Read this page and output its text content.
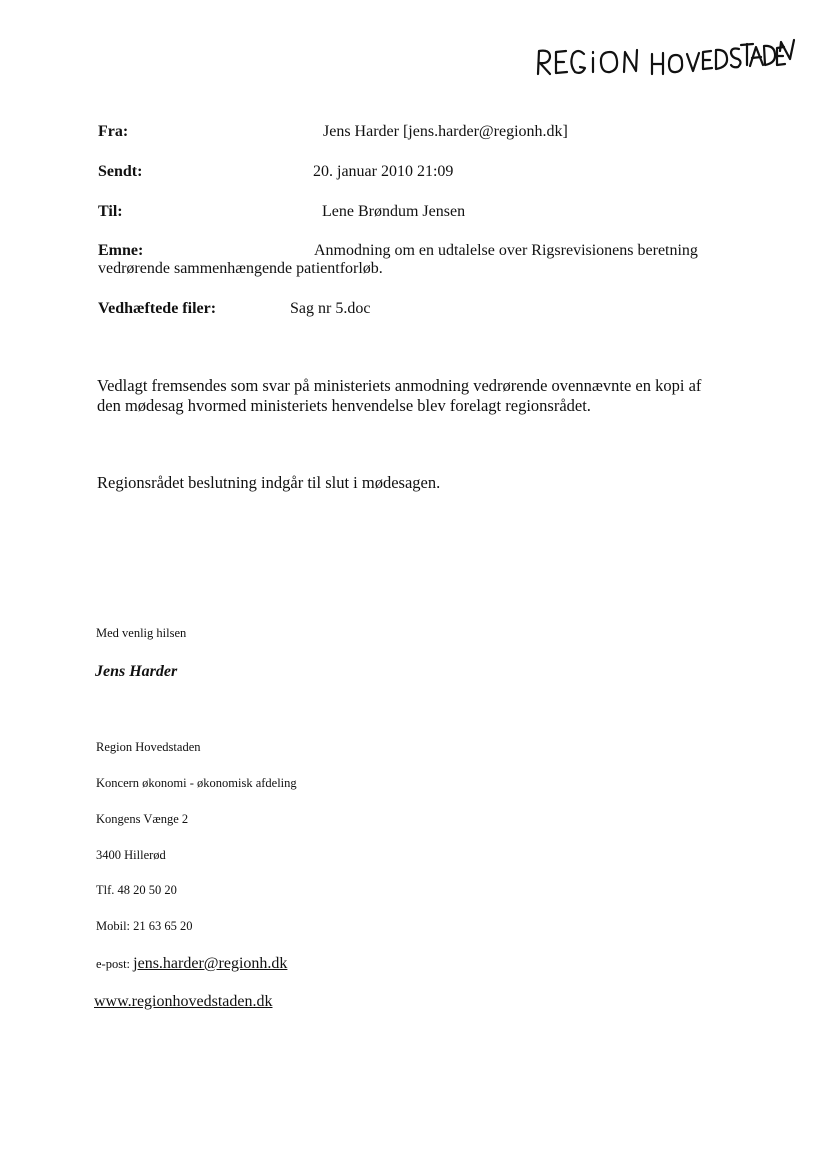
Fra:	Jens Harder [jens.harder@regionh.dk]
Sendt:	20. januar 2010 21:09
Til:	Lene Brøndum Jensen
Emne:	Anmodning om en udtalelse over Rigsrevisionens beretning
vedrørende sammenhængende patientforløb.
Vedhæftede filer:	Sag nr 5.doc
Vedlagt fremsendes som svar på ministeriets anmodning vedrørende ovennævnte en kopi af
den mødesag hvormed ministeriets henvendelse blev forelagt regionsrådet.
Regionsrådet beslutning indgår til slut i mødesagen.
Med venlig hilsen
Jens Harder
Region Hovedstaden
Koncern økonomi - økonomisk afdeling
Kongens Vænge 2
3400 Hillerød
Tlf. 48 20 50 20
Mobil: 21 63 65 20
e-post: jens.harder@regionh.dk
www.regionhovedstaden.dk
